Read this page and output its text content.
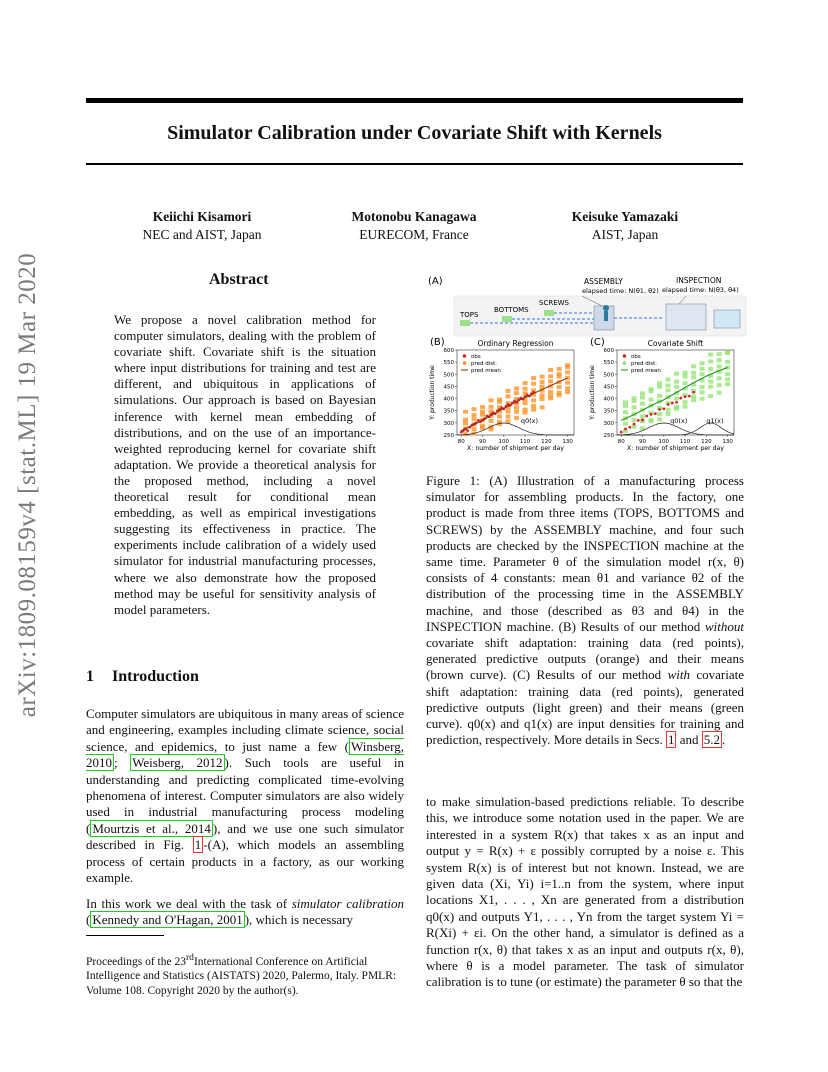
Simulator Calibration under Covariate Shift with Kernels
Keiichi Kisamori
NEC and AIST, Japan
Motonobu Kanagawa
EURECOM, France
Keisuke Yamazaki
AIST, Japan
arXiv:1809.08159v4 [stat.ML] 19 Mar 2020	Abstract
We propose a novel calibration method for computer simulators, dealing with the problem of covariate shift. Covariate shift is the situation where input distributions for training and test are different, and ubiquitous in applications of simulations. Our approach is based on Bayesian inference with kernel mean embedding of distributions, and on the use of an importance-weighted reproducing kernel for covariate shift adaptation. We provide a theoretical analysis for the proposed method, including a novel theoretical result for conditional mean embedding, as well as empirical investigations suggesting its effectiveness in practice. The experiments include calibration of a widely used simulator for industrial manufacturing processes, where we also demonstrate how the proposed method may be useful for sensitivity analysis of model parameters.
1 Introduction
Computer simulators are ubiquitous in many areas of science and engineering, examples including climate science, social science, and epidemics, to just name a few ( Winsberg, 2010 ; Weisberg, 2012 ). Such tools are useful in understanding and predicting complicated time-evolving phenomena of interest. Computer simulators are also widely used in industrial manufacturing process modeling ( Mourtzis et al., 2014 ), and we use one such simulator described in Fig. 1 -(A), which models an assembling process of certain products in a factory, as our working example.
In this work we deal with the task of simulator calibration ( Kennedy and O'Hagan, 2001 ), which is necessary
Proceedings of the 23rdInternational Conference on Artificial Intelligence and Statistics (AISTATS) 2020, Palermo, Italy. PMLR: Volume 108. Copyright 2020 by the author(s).
(A)	ASSEMBLY
elapsed time: N(θ1, θ2)
INSPECTION
elapsed time: N(θ3, θ4)
TOPS
BOTTOMS
SCREWS
(B)	Ordinary Regression
q0(x)
80	90 100 110 120 130
250
300
350
400
450
500
550
600
X: number of shipment per day
Y: production time
obs
pred dist.
pred mean
(C)	Covariate Shift
q0(x)	q1(x)
80	90 100 110 120 130
250
300
350
400
450
500
550
600
X: number of shipment per day
Y: production time
obs
pred dist.
pred mean
Figure 1: (A) Illustration of a manufacturing process simulator for assembling products. In the factory, one product is made from three items (TOPS, BOTTOMS and SCREWS) by the ASSEMBLY machine, and four such products are checked by the INSPECTION machine at the same time. Parameter θ of the simulation model r(x, θ) consists of 4 constants: mean θ1 and variance θ2 of the distribution of the processing time in the ASSEMBLY machine, and those (described as θ3 and θ4) in the INSPECTION machine. (B) Results of our method without covariate shift adaptation: training data (red points), generated predictive outputs (orange) and their means (brown curve). (C) Results of our method with covariate shift adaptation: training data (red points), generated predictive outputs (light green) and their means (green curve). q0(x) and q1(x) are input densities for training and prediction, respectively. More details in Secs. 1 and 5.2 .
to make simulation-based predictions reliable. To describe this, we introduce some notation used in the paper. We are interested in a system R(x) that takes x as an input and output y = R(x) + ε possibly corrupted by a noise ε. This system R(x) is of interest but not known. Instead, we are given data (Xi, Yi) i=1..n from the system, where input locations X1, . . . , Xn are generated from a distribution q0(x) and outputs Y1, . . . , Yn from the target system Yi = R(Xi) + εi. On the other hand, a simulator is defined as a function r(x, θ) that takes x as an input and outputs r(x, θ), where θ is a model parameter. The task of simulator calibration is to tune (or estimate) the parameter θ so that the
